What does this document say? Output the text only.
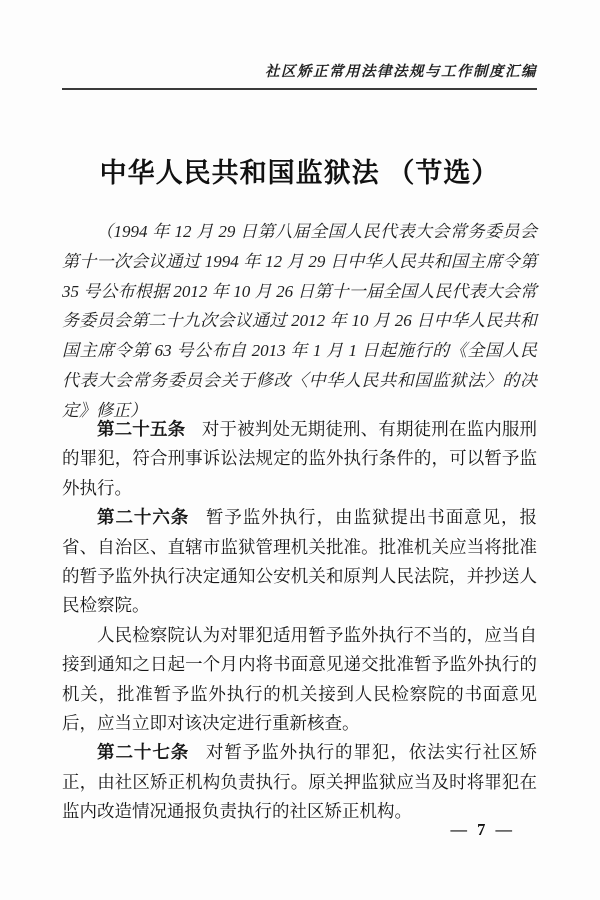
社区矫正常用法律法规与工作制度汇编
中华人民共和国监狱法 （节选）

（1994 年 12 月 29 日第八届全国人民代表大会常务委员会第十一次会议通过 1994 年 12 月 29 日中华人民共和国主席令第 35 号公布根据 2012 年 10 月 26 日第十一届全国人民代表大会常务委员会第二十九次会议通过 2012 年 10 月 26 日中华人民共和国主席令第 63 号公布自 2013 年 1 月 1 日起施行的《全国人民代表大会常务委员会关于修改〈中华人民共和国监狱法〉的决定》修正）

第二十五条 对于被判处无期徒刑、有期徒刑在监内服刑的罪犯，符合刑事诉讼法规定的监外执行条件的，可以暂予监外执行。

第二十六条 暂予监外执行，由监狱提出书面意见，报省、自治区、直辖市监狱管理机关批准。批准机关应当将批准的暂予监外执行决定通知公安机关和原判人民法院，并抄送人民检察院。

人民检察院认为对罪犯适用暂予监外执行不当的，应当自接到通知之日起一个月内将书面意见递交批准暂予监外执行的机关，批准暂予监外执行的机关接到人民检察院的书面意见后，应当立即对该决定进行重新核查。

第二十七条 对暂予监外执行的罪犯，依法实行社区矫正，由社区矫正机构负责执行。原关押监狱应当及时将罪犯在监内改造情况通报负责执行的社区矫正机构。

— 7 —
